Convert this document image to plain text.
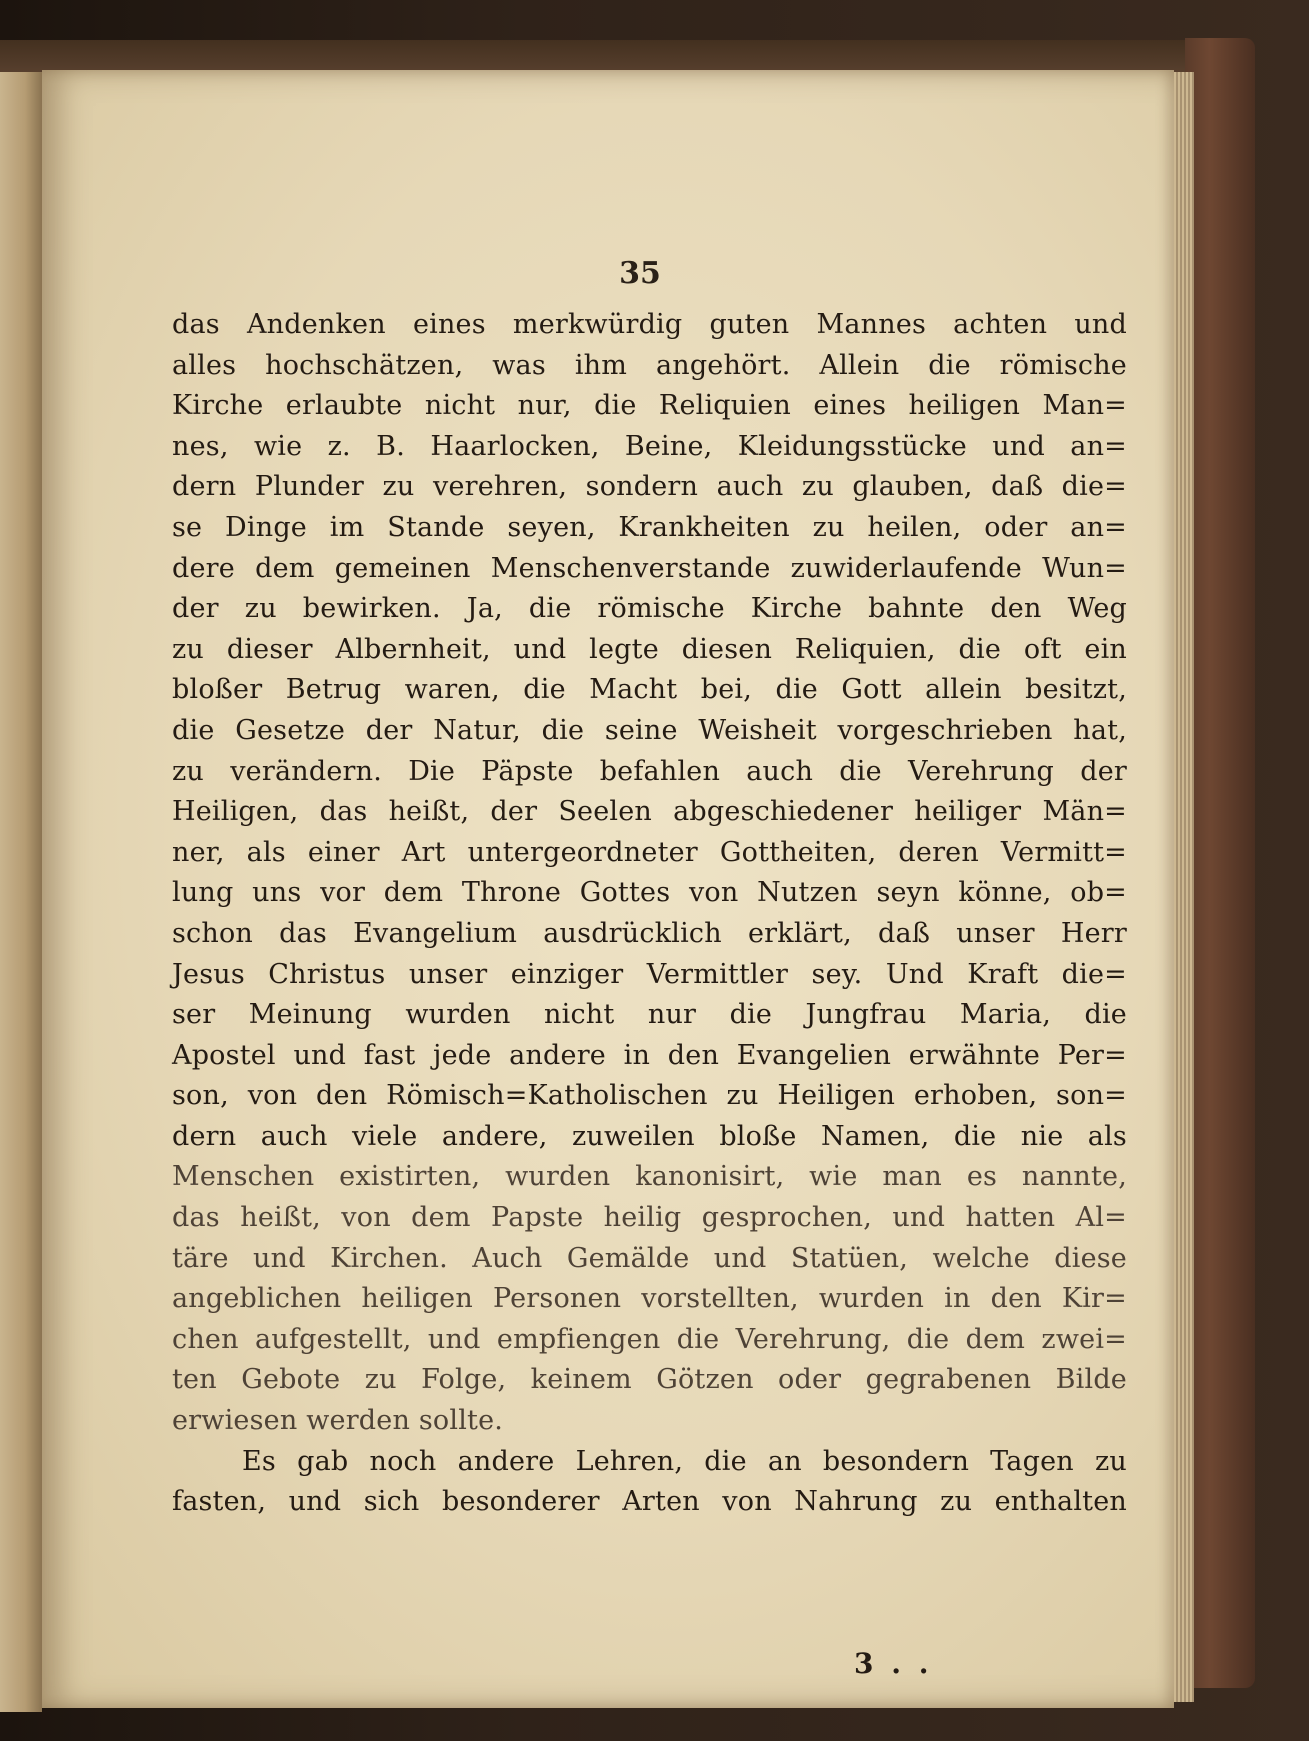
35
das Andenken eines merkwürdig guten Mannes achten und
alles hochschätzen, was ihm angehört. Allein die römische
Kirche erlaubte nicht nur, die Reliquien eines heiligen Man=
nes, wie z. B. Haarlocken, Beine, Kleidungsstücke und an=
dern Plunder zu verehren, sondern auch zu glauben, daß die=
se Dinge im Stande seyen, Krankheiten zu heilen, oder an=
dere dem gemeinen Menschenverstande zuwiderlaufende Wun=
der zu bewirken. Ja, die römische Kirche bahnte den Weg
zu dieser Albernheit, und legte diesen Reliquien, die oft ein
bloßer Betrug waren, die Macht bei, die Gott allein besitzt,
die Gesetze der Natur, die seine Weisheit vorgeschrieben hat,
zu verändern. Die Päpste befahlen auch die Verehrung der
Heiligen, das heißt, der Seelen abgeschiedener heiliger Män=
ner, als einer Art untergeordneter Gottheiten, deren Vermitt=
lung uns vor dem Throne Gottes von Nutzen seyn könne, ob=
schon das Evangelium ausdrücklich erklärt, daß unser Herr
Jesus Christus unser einziger Vermittler sey. Und Kraft die=
ser Meinung wurden nicht nur die Jungfrau Maria, die
Apostel und fast jede andere in den Evangelien erwähnte Per=
son, von den Römisch=Katholischen zu Heiligen erhoben, son=
dern auch viele andere, zuweilen bloße Namen, die nie als
Menschen existirten, wurden kanonisirt, wie man es nannte,
das heißt, von dem Papste heilig gesprochen, und hatten Al=
täre und Kirchen. Auch Gemälde und Statüen, welche diese
angeblichen heiligen Personen vorstellten, wurden in den Kir=
chen aufgestellt, und empfiengen die Verehrung, die dem zwei=
ten Gebote zu Folge, keinem Götzen oder gegrabenen Bilde
erwiesen werden sollte.
Es gab noch andere Lehren, die an besondern Tagen zu
fasten, und sich besonderer Arten von Nahrung zu enthalten
3 . .
